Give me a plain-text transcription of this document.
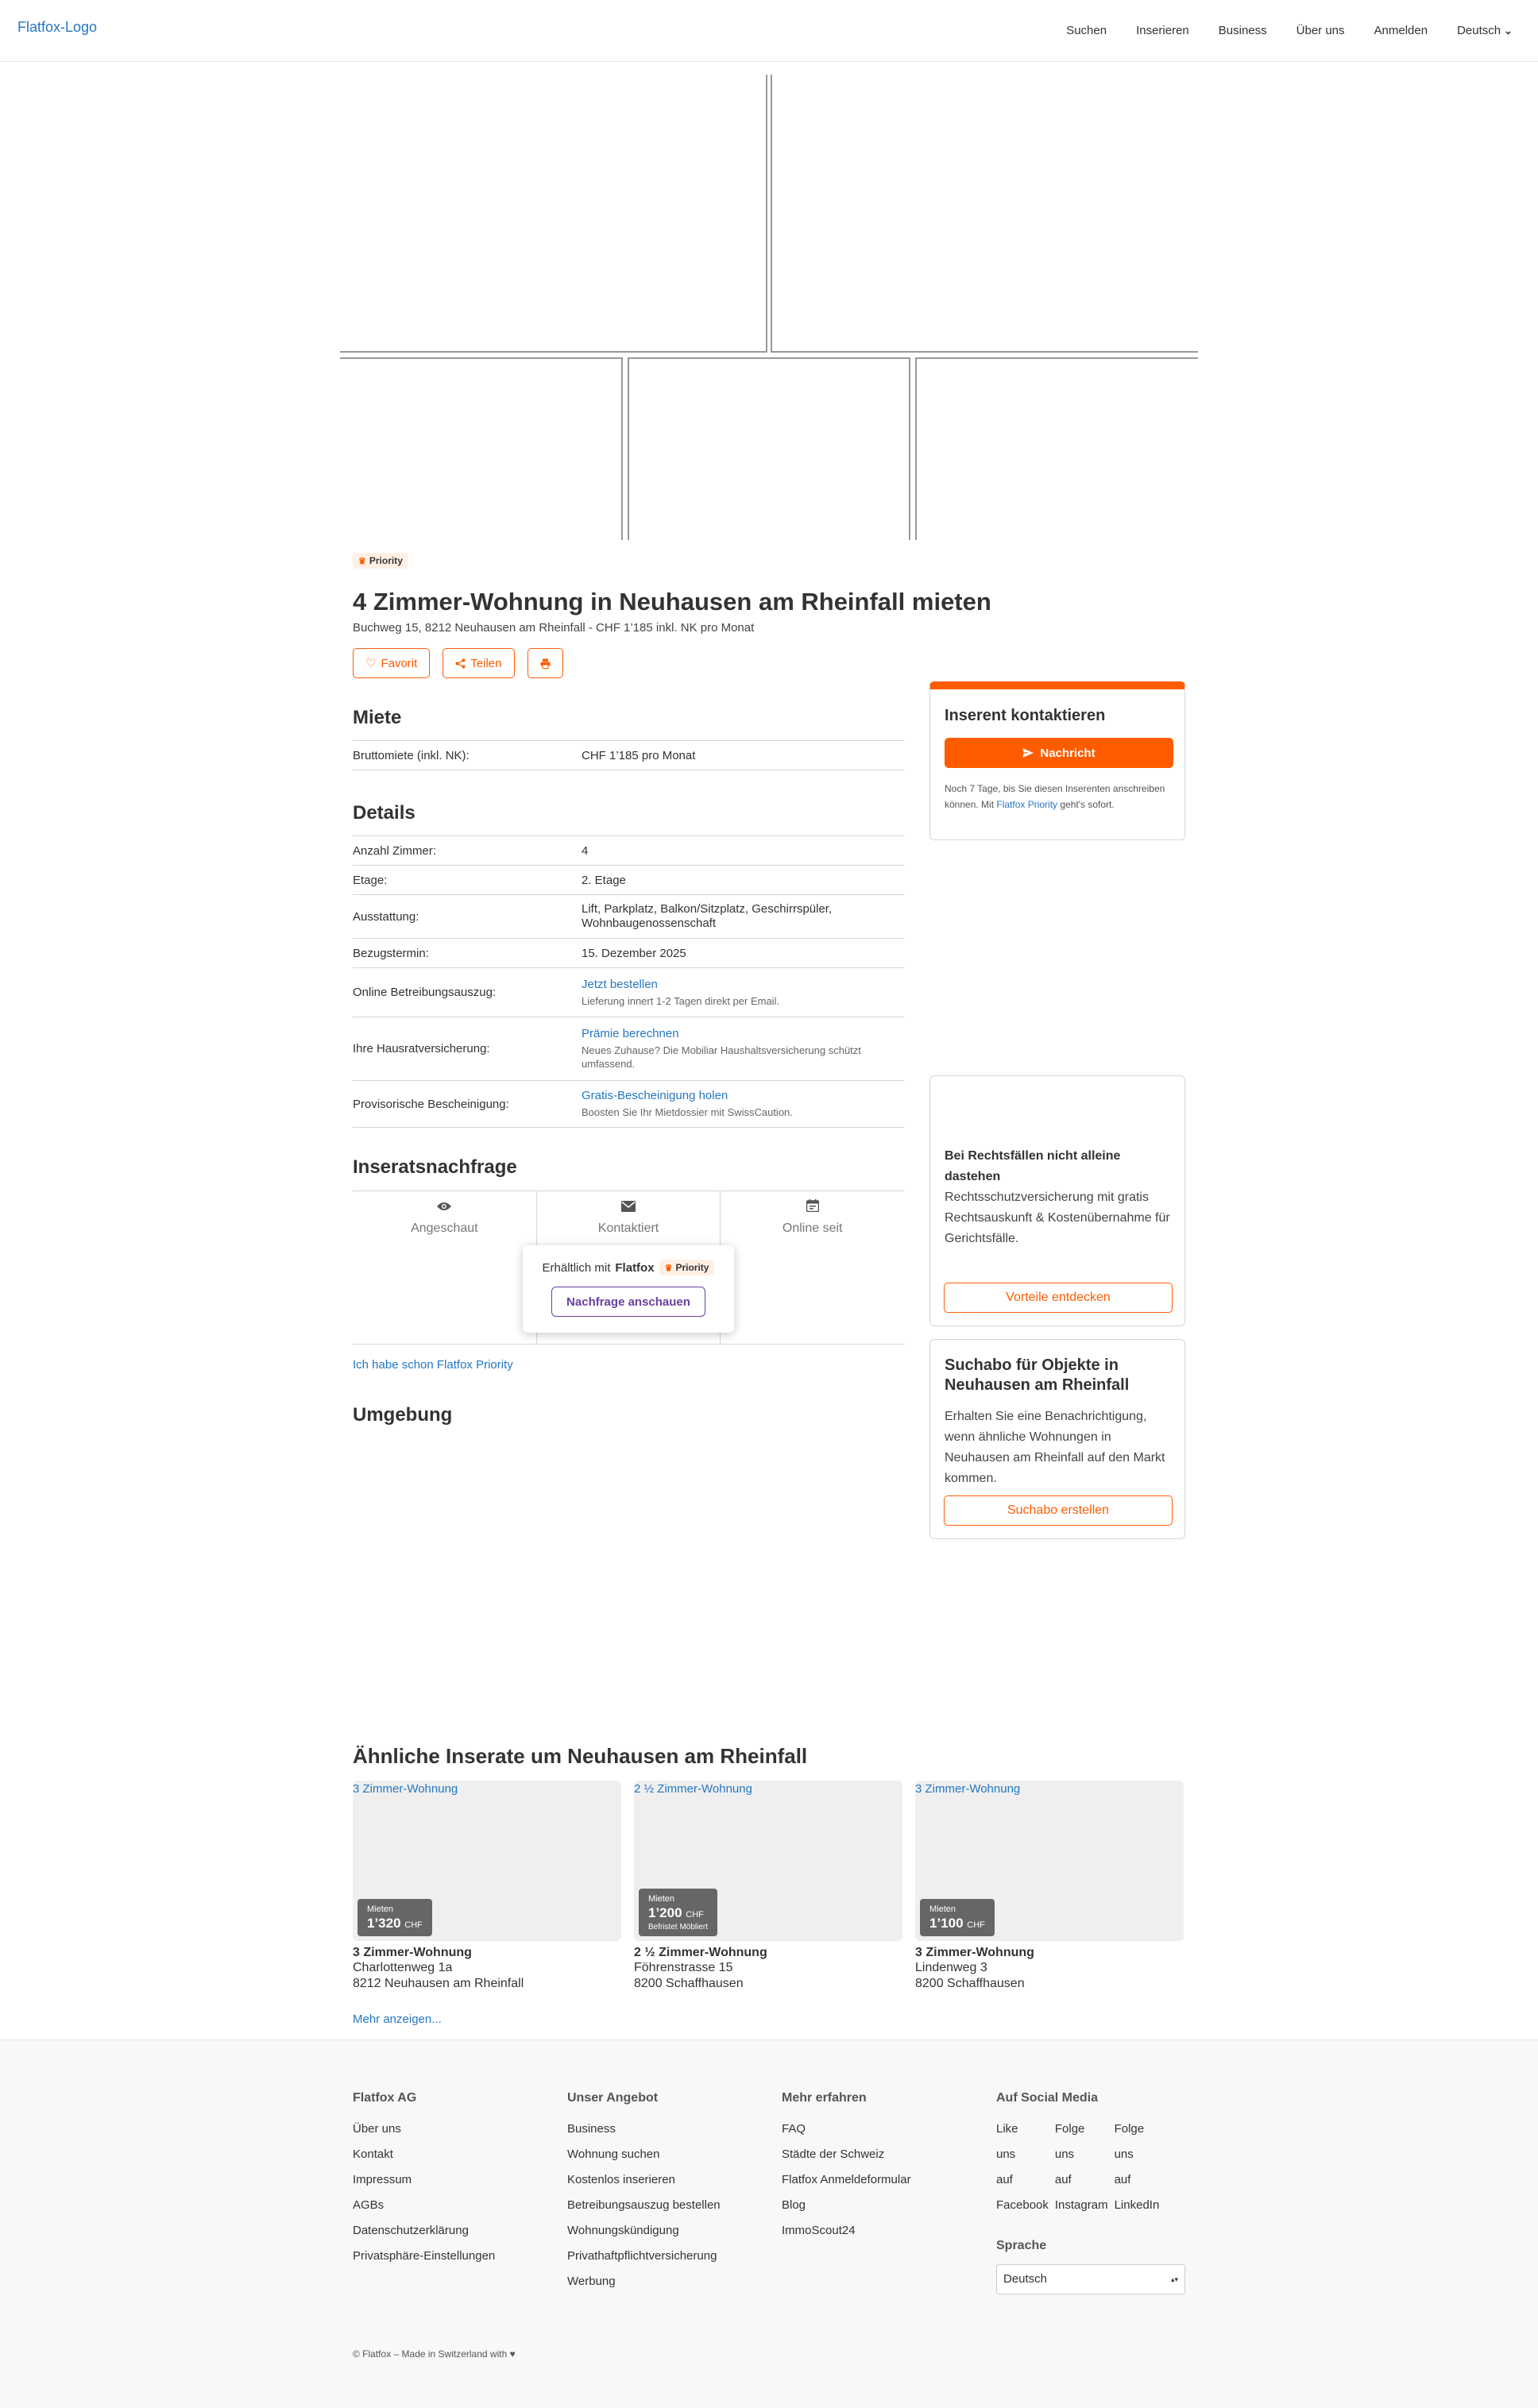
Flatfox-Logo	Suchen Inserieren Business Über uns Anmelden Deutsch ⌄
♛ Priority
4 Zimmer-Wohnung in Neuhausen am Rheinfall mieten
Buchweg 15, 8212 Neuhausen am Rheinfall - CHF 1’185 inkl. NK pro Monat
♡ Favorit	Teilen
Miete
Bruttomiete (inkl. NK):	CHF 1’185 pro Monat
Details
Anzahl Zimmer:	4
Etage:	2. Etage
Ausstattung:
Lift, Parkplatz, Balkon/Sitzplatz, Geschirrspüler, Wohnbaugenossenschaft
Bezugstermin:	15. Dezember 2025
Online Betreibungsauszug:
Jetzt bestellen
Lieferung innert 1-2 Tagen direkt per Email.
Ihre Hausratversicherung:
Prämie berechnen
Neues Zuhause? Die Mobiliar Haushaltsversicherung schützt umfassend.
Provisorische Bescheinigung:
Gratis-Bescheinigung holen
Boosten Sie Ihr Mietdossier mit SwissCaution.
Inseratsnachfrage
Angeschaut	Kontaktiert	Online seit
Erhältlich mit Flatfox ♛ Priority
Nachfrage anschauen
Ich habe schon Flatfox Priority
Umgebung
Inserent kontaktieren
Nachricht

Noch 7 Tage, bis Sie diesen Inserenten anschreiben können. Mit Flatfox Priority geht's sofort.

Bei Rechtsfällen nicht alleine dastehen
Rechtsschutzversicherung mit gratis Rechtsauskunft & Kostenübernahme für Gerichtsfälle.
Vorteile entdecken
Suchabo für Objekte in Neuhausen am Rheinfall

Erhalten Sie eine Benachrichtigung, wenn ähnliche Wohnungen in Neuhausen am Rheinfall auf den Markt kommen.

Suchabo erstellen
Ähnliche Inserate um Neuhausen am Rheinfall
3 Zimmer-Wohnung
Mieten
1’320 CHF
3 Zimmer-Wohnung
Charlottenweg 1a
8212 Neuhausen am Rheinfall
2 ½ Zimmer-Wohnung
Mieten
1’200 CHF
Befristet Möbliert
2 ½ Zimmer-Wohnung
Föhrenstrasse 15
8200 Schaffhausen
3 Zimmer-Wohnung
Mieten
1’100 CHF
3 Zimmer-Wohnung
Lindenweg 3
8200 Schaffhausen
Mehr anzeigen...
Flatfox AG
Über uns
Kontakt
Impressum
AGBs
Datenschutzerklärung
Privatsphäre-Einstellungen
Unser Angebot
Business
Wohnung suchen
Kostenlos inserieren
Betreibungsauszug bestellen
Wohnungskündigung
Privathaftpflichtversicherung
Werbung
Mehr erfahren
FAQ
Städte der Schweiz
Flatfox Anmeldeformular
Blog
ImmoScout24
Auf Social Media
Like
uns
auf
Facebook
Folge
uns
auf
Instagram
Folge
uns
auf
LinkedIn
Sprache
Deutsch	▴▾
© Flatfox – Made in Switzerland with ♥
